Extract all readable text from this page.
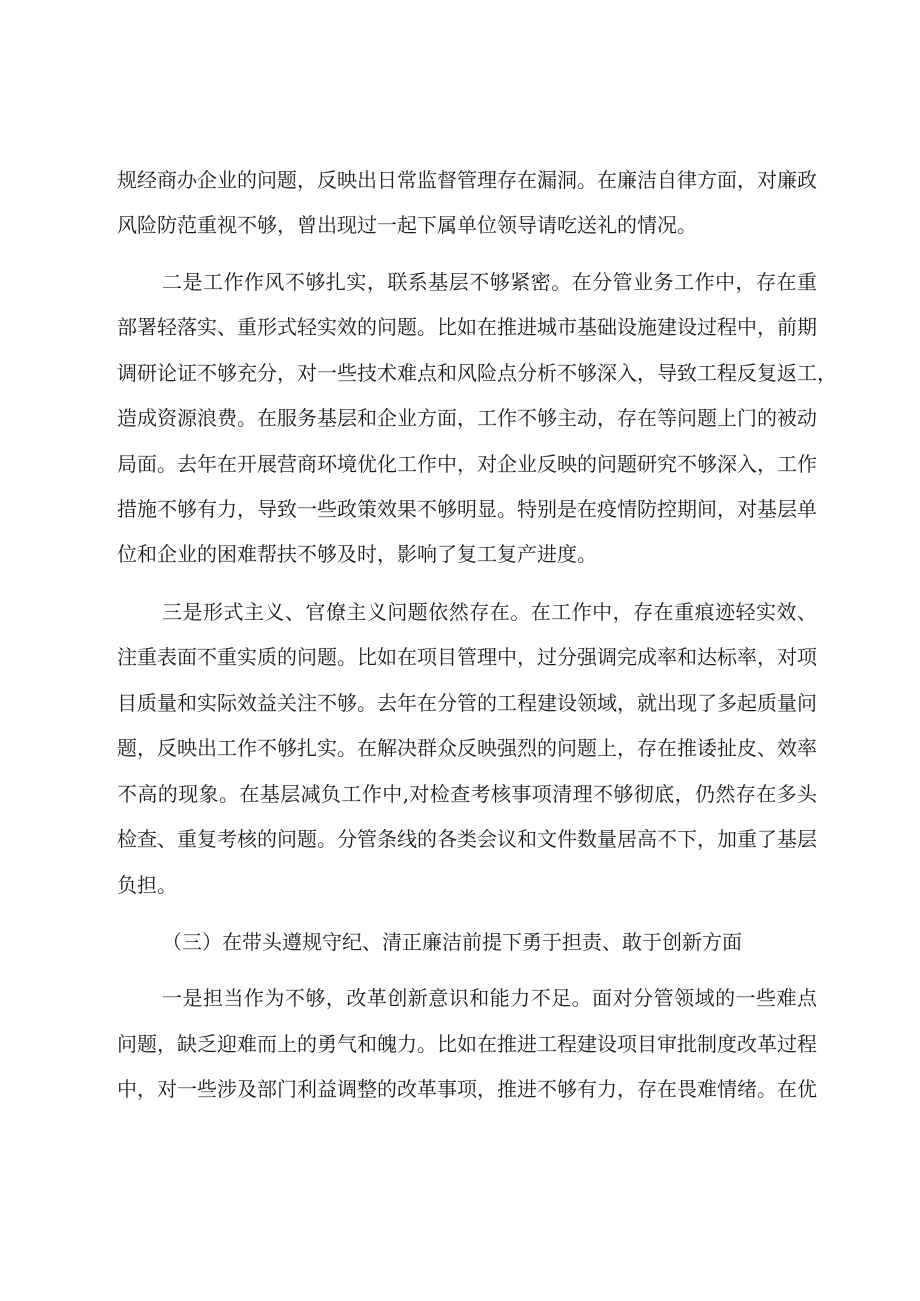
规经商办企业的问题，反映出日常监督管理存在漏洞。在廉洁自律方面，对廉政
风险防范重视不够，曾出现过一起下属单位领导请吃送礼的情况。
二是工作作风不够扎实，联系基层不够紧密。在分管业务工作中，存在重
部署轻落实、重形式轻实效的问题。比如在推进城市基础设施建设过程中，前期
调研论证不够充分，对一些技术难点和风险点分析不够深入，导致工程反复返工，
造成资源浪费。在服务基层和企业方面，工作不够主动，存在等问题上门的被动
局面。去年在开展营商环境优化工作中，对企业反映的问题研究不够深入，工作
措施不够有力，导致一些政策效果不够明显。特别是在疫情防控期间，对基层单
位和企业的困难帮扶不够及时，影响了复工复产进度。
三是形式主义、官僚主义问题依然存在。在工作中，存在重痕迹轻实效、
注重表面不重实质的问题。比如在项目管理中，过分强调完成率和达标率，对项
目质量和实际效益关注不够。去年在分管的工程建设领域，就出现了多起质量问
题，反映出工作不够扎实。在解决群众反映强烈的问题上，存在推诿扯皮、效率
不高的现象。在基层减负工作中,对检查考核事项清理不够彻底，仍然存在多头
检查、重复考核的问题。分管条线的各类会议和文件数量居高不下，加重了基层
负担。
（三）在带头遵规守纪、清正廉洁前提下勇于担责、敢于创新方面
一是担当作为不够，改革创新意识和能力不足。面对分管领域的一些难点
问题，缺乏迎难而上的勇气和魄力。比如在推进工程建设项目审批制度改革过程
中，对一些涉及部门利益调整的改革事项，推进不够有力，存在畏难情绪。在优
